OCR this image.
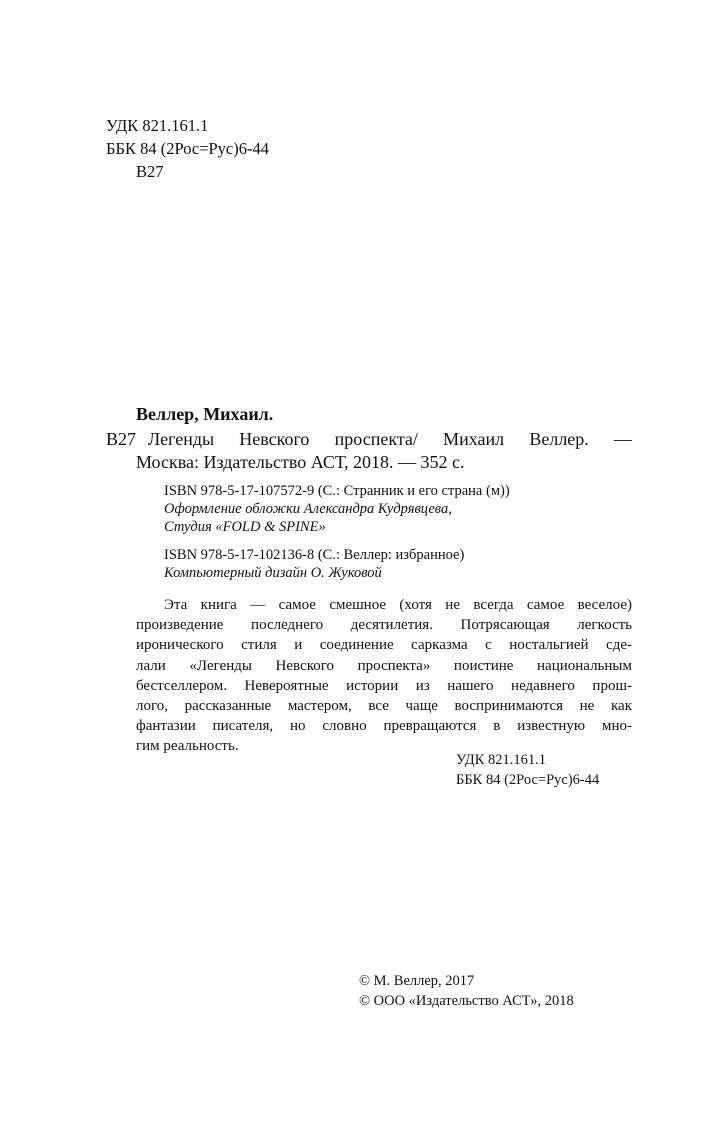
УДК 821.161.1
ББК 84 (2Рос=Рус)6-44
В27
Веллер, Михаил.
В27 Легенды Невского проспекта/ Михаил Веллер. —
Москва: Издательство АСТ, 2018. — 352 с.
ISBN 978-5-17-107572-9 (С.: Странник и его страна (м))
Оформление обложки Александра Кудрявцева,
Студия «FOLD & SPINE»
ISBN 978-5-17-102136-8 (С.: Веллер: избранное)
Компьютерный дизайн О. Жуковой
Эта книга — самое смешное (хотя не всегда самое веселое)
произведение последнего десятилетия. Потрясающая легкость
иронического стиля и соединение сарказма с ностальгией сде-
лали «Легенды Невского проспекта» поистине национальным
бестселлером. Невероятные истории из нашего недавнего прош-
лого, рассказанные мастером, все чаще воспринимаются не как
фантазии писателя, но словно превращаются в известную мно-
гим реальность.
УДК 821.161.1
ББК 84 (2Рос=Рус)6-44
© М. Веллер, 2017
© ООО «Издательство АСТ», 2018
